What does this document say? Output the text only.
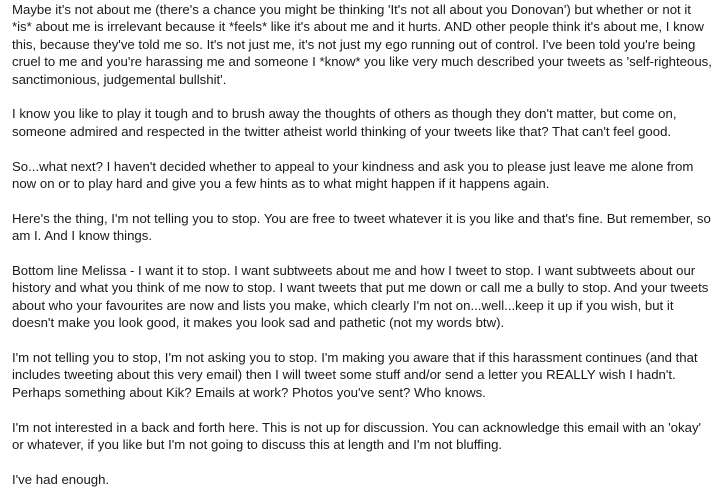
Maybe it's not about me (there's a chance you might be thinking 'It's not all about you Donovan') but whether or not it *is* about me is irrelevant because it *feels* like it's about me and it hurts. AND other people think it's about me, I know this, because they've told me so. It's not just me, it's not just my ego running out of control. I've been told you're being cruel to me and you're harassing me and someone I *know* you like very much described your tweets as 'self-righteous, sanctimonious, judgemental bullshit'.

I know you like to play it tough and to brush away the thoughts of others as though they don't matter, but come on, someone admired and respected in the twitter atheist world thinking of your tweets like that? That can't feel good.

So...what next? I haven't decided whether to appeal to your kindness and ask you to please just leave me alone from now on or to play hard and give you a few hints as to what might happen if it happens again.

Here's the thing, I'm not telling you to stop. You are free to tweet whatever it is you like and that's fine. But remember, so am I. And I know things.

Bottom line Melissa - I want it to stop. I want subtweets about me and how I tweet to stop. I want subtweets about our history and what you think of me now to stop. I want tweets that put me down or call me a bully to stop. And your tweets about who your favourites are now and lists you make, which clearly I'm not on...well...keep it up if you wish, but it doesn't make you look good, it makes you look sad and pathetic (not my words btw).

I'm not telling you to stop, I'm not asking you to stop. I'm making you aware that if this harassment continues (and that includes tweeting about this very email) then I will tweet some stuff and/or send a letter you REALLY wish I hadn't. Perhaps something about Kik? Emails at work? Photos you've sent? Who knows.

I'm not interested in a back and forth here. This is not up for discussion. You can acknowledge this email with an 'okay' or whatever, if you like but I'm not going to discuss this at length and I'm not bluffing.

I've had enough.
